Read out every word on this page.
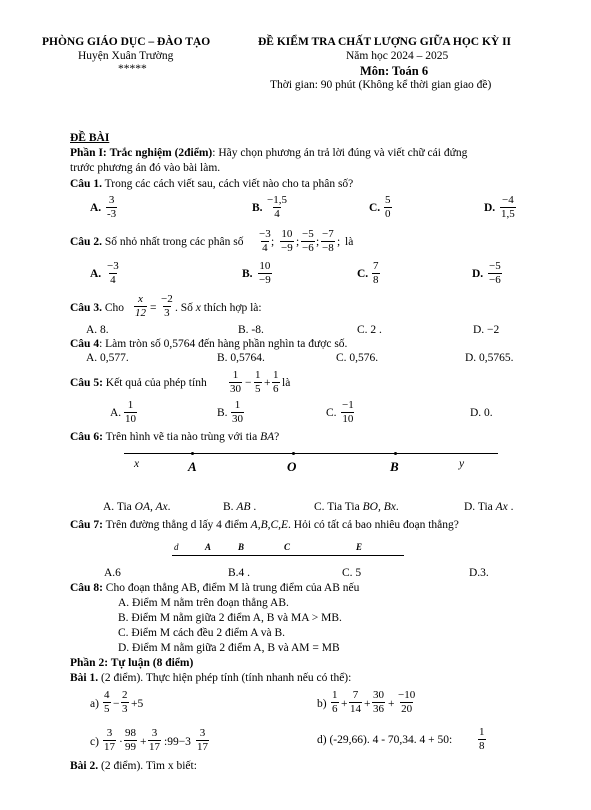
PHÒNG GIÁO DỤC – ĐÀO TẠO
Huyện Xuân Trường
*****
ĐỀ KIỂM TRA CHẤT LƯỢNG GIỮA HỌC KỲ II
Năm học 2024 – 2025
Môn: Toán 6
Thời gian: 90 phút (Không kể thời gian giao đề)
ĐỀ BÀI
Phần I: Trắc nghiệm (2điểm): Hãy chọn phương án trả lời đúng và viết chữ cái đứng
trước phương án đó vào bài làm.
Câu 1. Trong các cách viết sau, cách viết nào cho ta phân số?
A.
3
-3	B.
−1,5
4	C.
5
0	D.
−4
1,5
Câu 2. Số nhỏ nhất trong các phân số
−3
4 ;
10
−9 ;
−5
−6 ;
−7
−8 ; là
A.
−3
4	B.
10
−9	C.
7
8	D.
−5
−6
Câu 3. Cho
x
12 =
−2
3 . Số x thích hợp là:
A. 8.	B. -8.	C. 2 .	D. −2
Câu 4: Làm tròn số 0,5764 đến hàng phần nghìn ta được số.
A. 0,577.	B. 0,5764.	C. 0,576.	D. 0,5765.
Câu 5: Kết quả của phép tính
1
30 −
1
5 +
1
6 là
A.
1
10	B.
1
30	C.
−1
10	D. 0.
Câu 6: Trên hình vẽ tia nào trùng với tia BA?
x	A	O	B	y
A. Tia OA, Ax.	B. AB .	C. Tia Tia BO, Bx.	D. Tia Ax .
Câu 7: Trên đường thẳng d lấy 4 điểm A,B,C,E. Hỏi có tất cả bao nhiêu đoạn thẳng?
d	A	B	C	E
A.6	B.4 .	C. 5	D.3.
Câu 8: Cho đoạn thẳng AB, điểm M là trung điểm của AB nếu
A. Điểm M nằm trên đoạn thẳng AB.
B. Điểm M nằm giữa 2 điểm A, B và MA > MB.
C. Điểm M cách đều 2 điểm A và B.
D. Điểm M nằm giữa 2 điểm A, B và AM = MB
Phần 2: Tự luận (8 điểm)
Bài 1. (2 điểm). Thực hiện phép tính (tính nhanh nếu có thể):
a)
4
5 −
2
3 +5	b)
1
6 +
7
14 +
30
36 +
−10
20
c)
3
17 ·
98
99 +
3
17 :99−3
3
17
d) (-29,66). 4 - 70,34. 4 + 50:
1
8
Bài 2. (2 điểm). Tìm x biết:
